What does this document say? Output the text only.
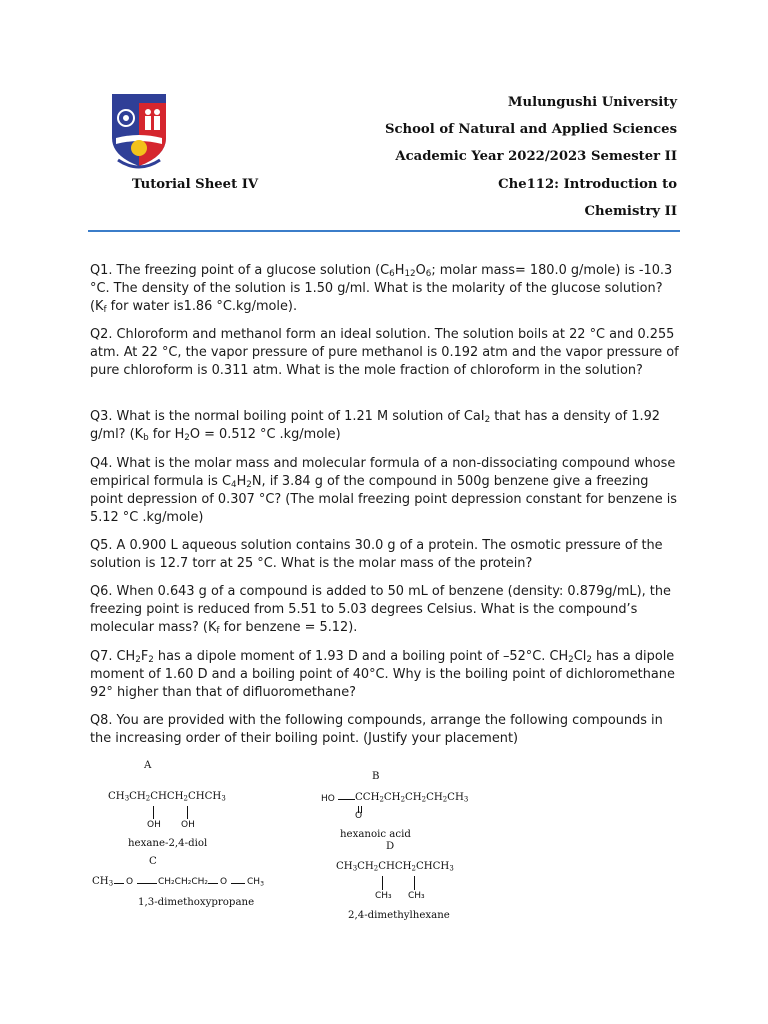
Mulungushi University
School of Natural and Applied Sciences
Academic Year 2022/2023 Semester II
Tutorial Sheet IV	Che112: Introduction to
Chemistry II
Q1. The freezing point of a glucose solution ($C_6H_{12}O_6$; molar mass= 180.0 g/mole) is -10.3 °C. The density of the solution is 1.50 g/ml. What is the molarity of the glucose solution? ($K_f$ for water is1.86 °C.kg/mole).
Q2. Chloroform and methanol form an ideal solution. The solution boils at 22 °C and 0.255 atm. At 22 °C, the vapor pressure of pure methanol is 0.192 atm and the vapor pressure of pure chloroform is 0.311 atm. What is the mole fraction of chloroform in the solution?
Q3. What is the normal boiling point of 1.21 M solution of CaI$_2$ that has a density of 1.92 g/ml? ($K_b$ for $H_2O = 0.512$ °C .kg/mole)
Q4. What is the molar mass and molecular formula of a non-dissociating compound whose empirical formula is $C_4H_2N$, if 3.84 g of the compound in 500g benzene give a freezing point depression of 0.307 °C? (The molal freezing point depression constant for benzene is 5.12 °C .kg/mole)
Q5. A 0.900 L aqueous solution contains 30.0 g of a protein. The osmotic pressure of the solution is 12.7 torr at 25 °C. What is the molar mass of the protein?
Q6. When 0.643 g of a compound is added to 50 mL of benzene (density: 0.879g/mL), the freezing point is reduced from 5.51 to 5.03 degrees Celsius. What is the compound’s molecular mass? ($K_f$ for benzene = 5.12).
Q7. $CH_2F_2$ has a dipole moment of 1.93 D and a boiling point of –52°C. $CH_2Cl_2$ has a dipole moment of 1.60 D and a boiling point of 40°C. Why is the boiling point of dichloromethane 92° higher than that of difluoromethane?
Q8. You are provided with the following compounds, arrange the following compounds in the increasing order of their boiling point. (Justify your placement)
A
$CH_3CH_2CHCH_2CHCH_3$
OH OH
hexane-2,4-diol
B
HO $CCH_2CH_2CH_2CH_2CH_3$
O
hexanoic acid
C
$CH_3$ O	CH₂CH₂CH₂ O $CH_3$
1,3-dimethoxypropane
D
$CH_3CH_2CHCH_2CHCH_3$
CH₃ CH₃
2,4-dimethylhexane
